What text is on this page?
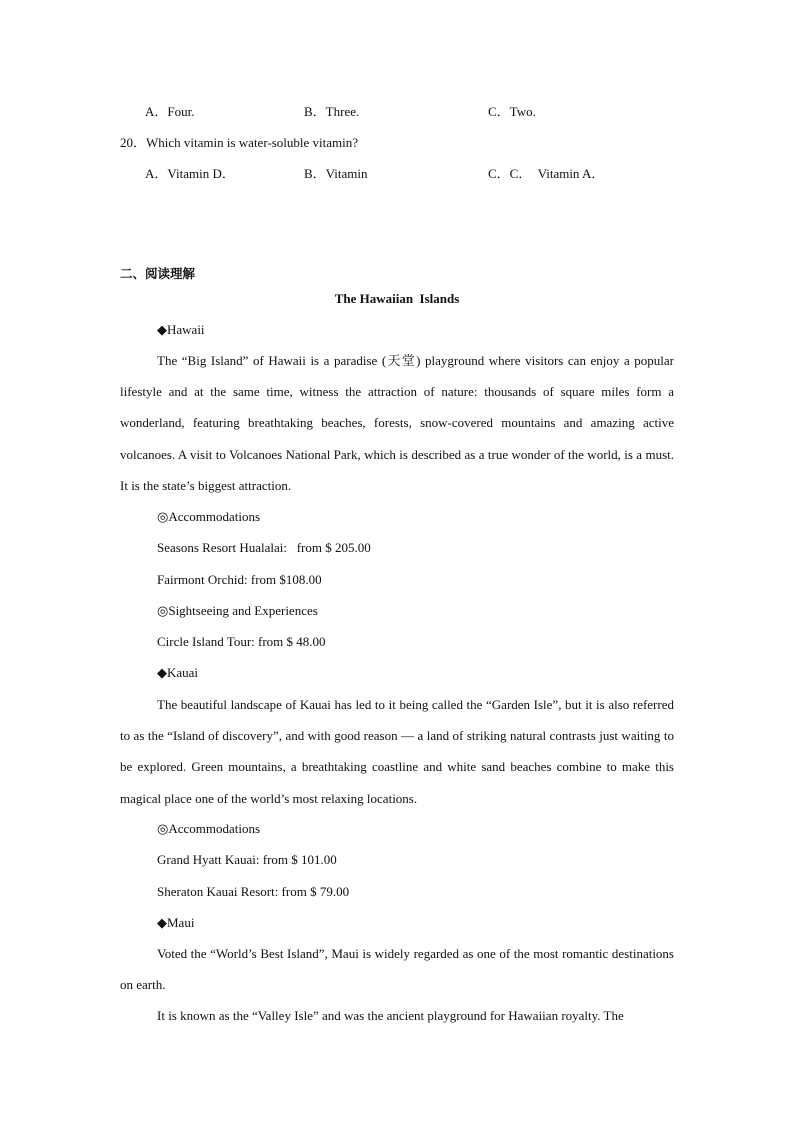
A．Four.	B．Three.	C．Two.
20．Which vitamin is water-soluble vitamin?
A．Vitamin D．	B．Vitamin	C．C．  Vitamin A．
二、阅读理解
The Hawaiian  Islands
◆Hawaii
The “Big Island” of Hawaii is a paradise (天堂) playground where visitors can enjoy a popular lifestyle and at the same time, witness the attraction of nature: thousands of square miles form a wonderland, featuring breathtaking beaches, forests, snow-covered mountains and amazing active volcanoes. A visit to Volcanoes National Park, which is described as a true wonder of the world, is a must. It is the state’s biggest attraction.
◎Accommodations
Seasons Resort Hualalai:   from $ 205.00
Fairmont Orchid: from $108.00
◎Sightseeing and Experiences
Circle Island Tour: from $ 48.00
◆Kauai
The beautiful landscape of Kauai has led to it being called the “Garden Isle”, but it is also referred to as the “Island of discovery”, and with good reason — a land of striking natural contrasts just waiting to be explored. Green mountains, a breathtaking coastline and white sand beaches combine to make this magical place one of the world’s most relaxing locations.
◎Accommodations
Grand Hyatt Kauai: from $ 101.00
Sheraton Kauai Resort: from $ 79.00
◆Maui
Voted the “World’s Best Island”, Maui is widely regarded as one of the most romantic destinations on earth.
It is known as the “Valley Isle” and was the ancient playground for Hawaiian royalty. The
